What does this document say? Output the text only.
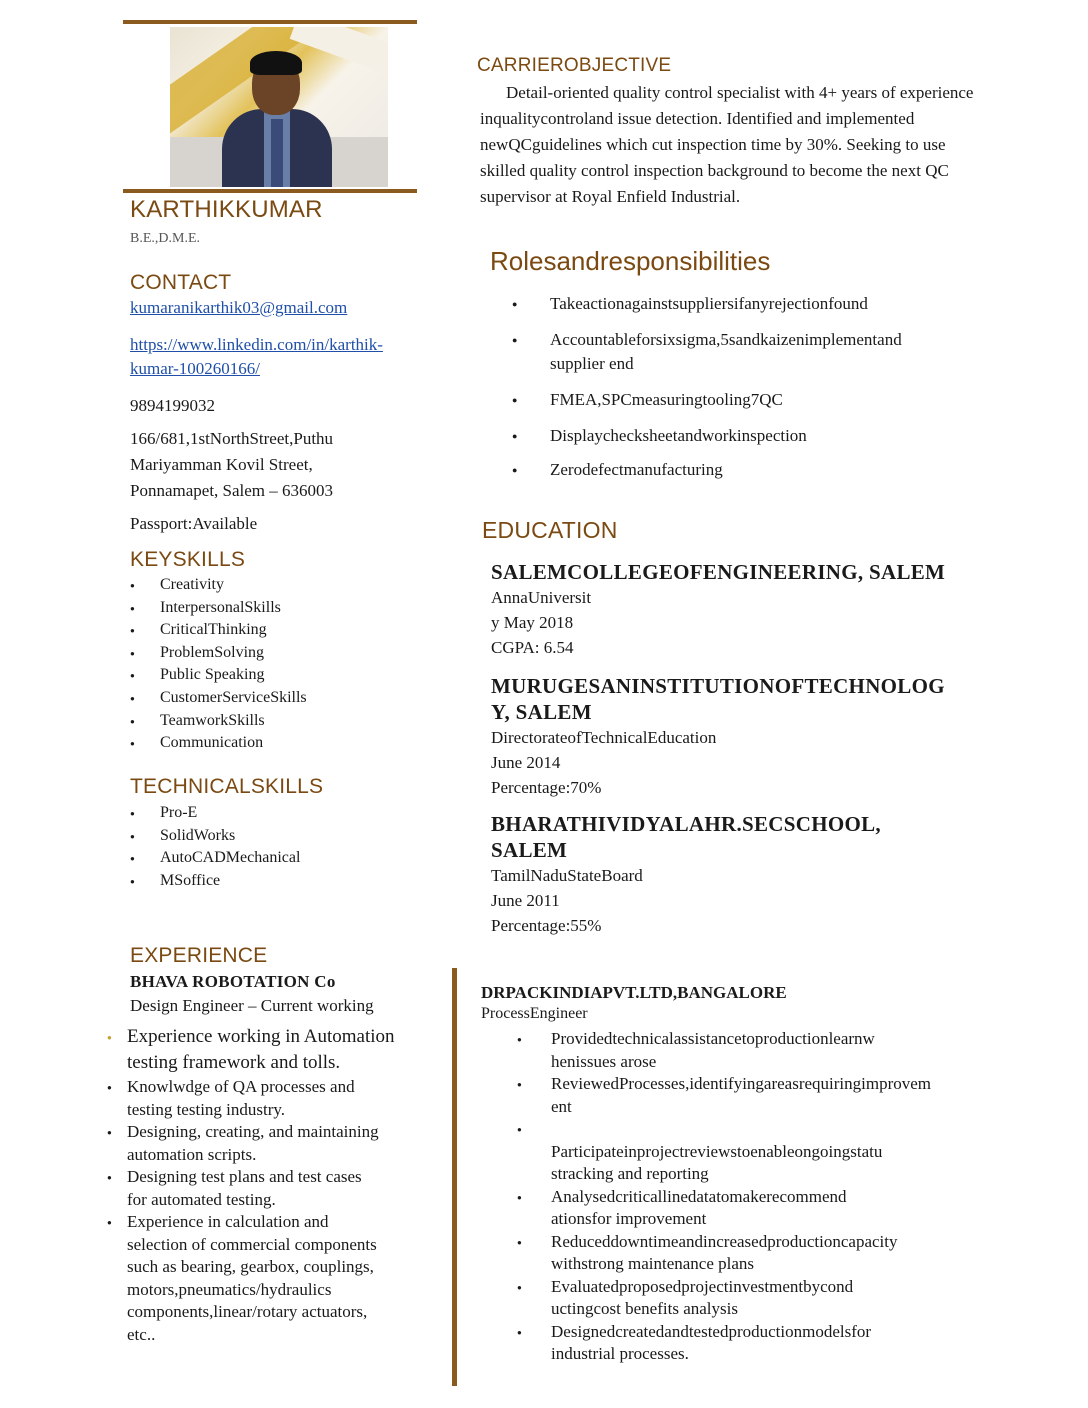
KARTHIKKUMAR
B.E.,D.M.E.
CONTACT
kumaranikarthik03@gmail.com
https://www.linkedin.com/in/karthik-
kumar-100260166/
9894199032
166/681,1stNorthStreet,Puthu
Mariyamman Kovil Street,
Ponnamapet, Salem – 636003
Passport:Available
KEYSKILLS
● Creativity
● InterpersonalSkills
● CriticalThinking
● ProblemSolving
● Public Speaking
● CustomerServiceSkills
● TeamworkSkills
● Communication
TECHNICALSKILLS
● Pro-E
● SolidWorks
● AutoCADMechanical
● MSoffice
EXPERIENCE
BHAVA ROBOTATION Co
Design Engineer – Current working
● Experience working in Automation
testing framework and tolls.
● Knowlwdge of QA processes and
testing testing industry.
● Designing, creating, and maintaining
automation scripts.
● Designing test plans and test cases
for automated testing.
● Experience in calculation and
selection of commercial components
such as bearing, gearbox, couplings,
motors,pneumatics/hydraulics
components,linear/rotary actuators,
etc..
CARRIEROBJECTIVE
Detail-oriented quality control specialist with 4+ years of experience
inqualitycontroland issue detection. Identified and implemented
newQCguidelines which cut inspection time by 30%. Seeking to use
skilled quality control inspection background to become the next QC
supervisor at Royal Enfield Industrial.
Rolesandresponsibilities
● Takeactionagainstsuppliersifanyrejectionfound
● Accountableforsixsigma,5sandkaizenimplementand
supplier end
● FMEA,SPCmeasuringtooling7QC
● Displaychecksheetandworkinspection
● Zerodefectmanufacturing
EDUCATION
SALEMCOLLEGEOFENGINEERING, SALEM
AnnaUniversit
y May 2018
CGPA: 6.54
MURUGESANINSTITUTIONOFTECHNOLOG
Y, SALEM
DirectorateofTechnicalEducation
June 2014
Percentage:70%
BHARATHIVIDYALAHR.SECSCHOOL,
SALEM
TamilNaduStateBoard
June 2011
Percentage:55%
DRPACKINDIAPVT.LTD,BANGALORE
ProcessEngineer
● Providedtechnicalassistancetoproductionlearnw
henissues arose
● ReviewedProcesses,identifyingareasrequiringimprovem
ent
● Participateinprojectreviewstoenableongoingstatu
stracking and reporting
● Analysedcriticallinedatatomakerecommend
ationsfor improvement
● Reduceddowntimeandincreasedproductioncapacity
withstrong maintenance plans
● Evaluatedproposedprojectinvestmentbycond
uctingcost benefits analysis
● Designedcreatedandtestedproductionmodelsfor
industrial processes.
